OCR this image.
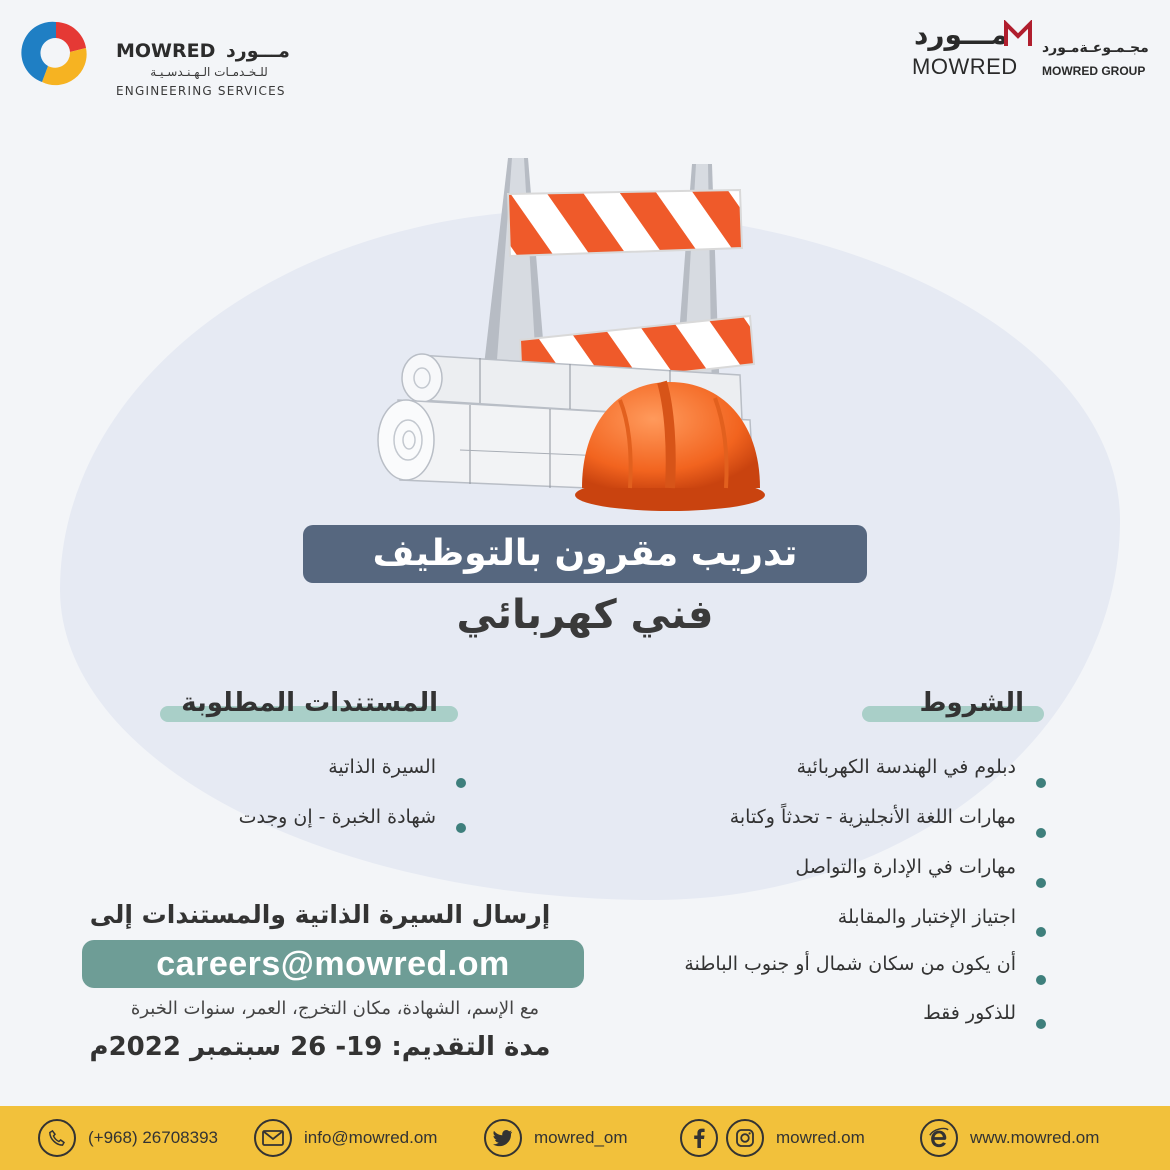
MOWRED مـــورد
للـخـدمـات الـهـنـدسـيـة
ENGINEERING SERVICES
مـــورد
MOWRED
مجـمـوعـةمـورد
MOWRED GROUP
تدريب مقرون بالتوظيف
فني كهربائي
الشروط
دبلوم في الهندسة الكهربائية
مهارات اللغة الأنجليزية - تحدثاً وكتابة
مهارات في الإدارة والتواصل
اجتياز الإختبار والمقابلة
أن يكون من سكان شمال أو جنوب الباطنة
للذكور فقط
المستندات المطلوبة
السيرة الذاتية
شهادة الخبرة - إن وجدت
إرسال السيرة الذاتية والمستندات إلى
careers@mowred.om
مع الإسم، الشهادة، مكان التخرج، العمر، سنوات الخبرة
مدة التقديم: 19- 26 سبتمبر 2022م
(+968) 26708393	info@mowred.om	mowred_om	mowred.om	www.mowred.om
